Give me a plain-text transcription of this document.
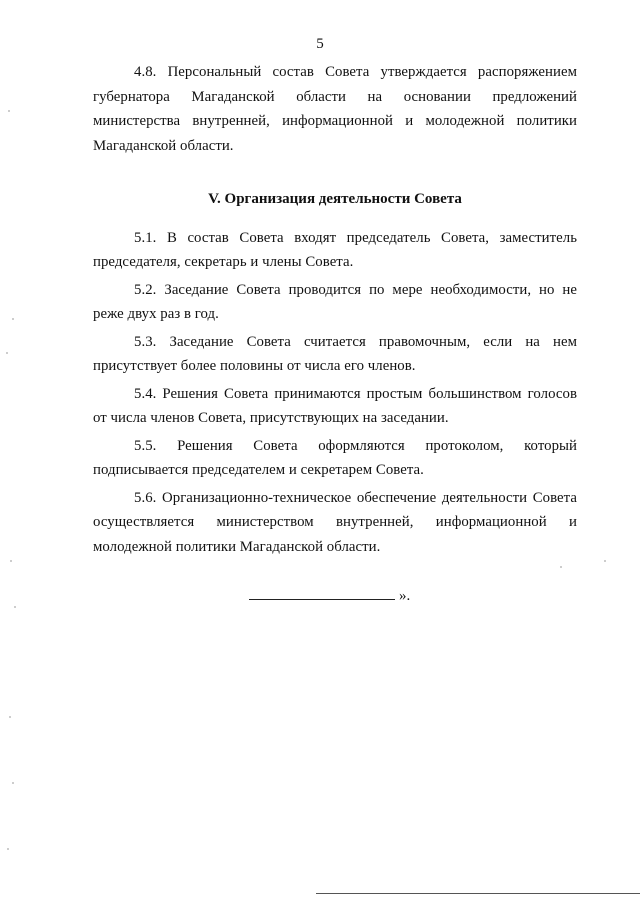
5

4.8. Персональный состав Совета утверждается распоряжением губернатора Магаданской области на основании предложений министерства внутренней, информационной и молодежной политики Магаданской области.

V. Организация деятельности Совета

5.1. В состав Совета входят председатель Совета, заместитель председателя, секретарь и члены Совета.

5.2. Заседание Совета проводится по мере необходимости, но не реже двух раз в год.

5.3. Заседание Совета считается правомочным, если на нем присутствует более половины от числа его членов.

5.4. Решения Совета принимаются простым большинством голосов от числа членов Совета, присутствующих на заседании.

5.5. Решения Совета оформляются протоколом, который подписывается председателем и секретарем Совета.

5.6. Организационно-техническое обеспечение деятельности Совета осуществляется министерством внутренней, информационной и молодежной политики Магаданской области.

».
